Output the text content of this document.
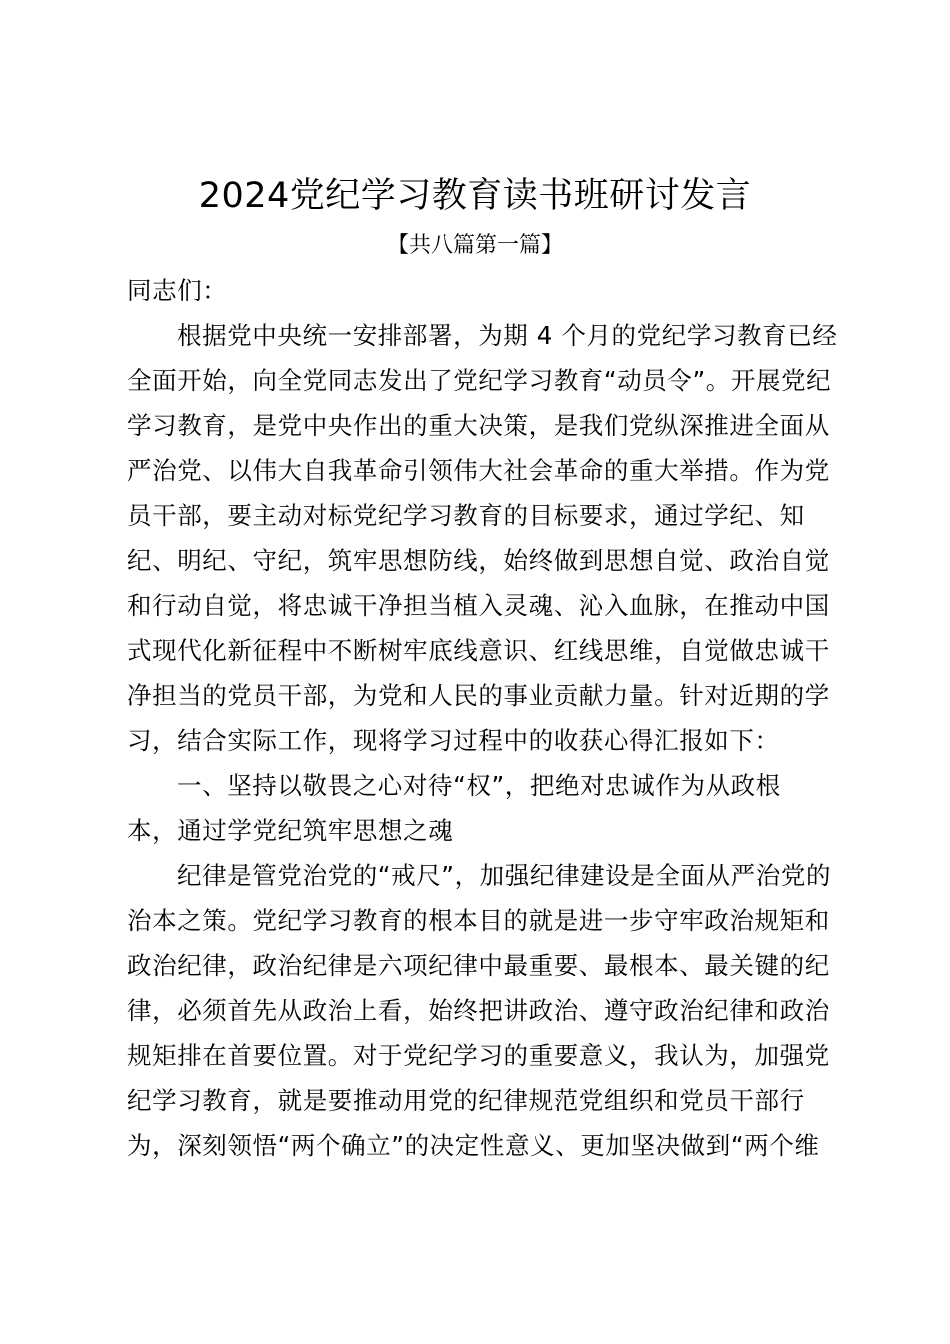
2024党纪学习教育读书班研讨发言
【共八篇第一篇】
同志们：
根据党中央统一安排部署，为期 4 个月的党纪学习教育已经
全面开始，向全党同志发出了党纪学习教育“动员令”。开展党纪
学习教育，是党中央作出的重大决策，是我们党纵深推进全面从
严治党、以伟大自我革命引领伟大社会革命的重大举措。作为党
员干部，要主动对标党纪学习教育的目标要求，通过学纪、知
纪、明纪、守纪，筑牢思想防线，始终做到思想自觉、政治自觉
和行动自觉，将忠诚干净担当植入灵魂、沁入血脉，在推动中国
式现代化新征程中不断树牢底线意识、红线思维，自觉做忠诚干
净担当的党员干部，为党和人民的事业贡献力量。针对近期的学
习，结合实际工作，现将学习过程中的收获心得汇报如下：
一、坚持以敬畏之心对待“权”，把绝对忠诚作为从政根
本，通过学党纪筑牢思想之魂
纪律是管党治党的“戒尺”，加强纪律建设是全面从严治党的
治本之策。党纪学习教育的根本目的就是进一步守牢政治规矩和
政治纪律，政治纪律是六项纪律中最重要、最根本、最关键的纪
律，必须首先从政治上看，始终把讲政治、遵守政治纪律和政治
规矩排在首要位置。对于党纪学习的重要意义，我认为，加强党
纪学习教育，就是要推动用党的纪律规范党组织和党员干部行
为，深刻领悟“两个确立”的决定性意义、更加坚决做到“两个维
